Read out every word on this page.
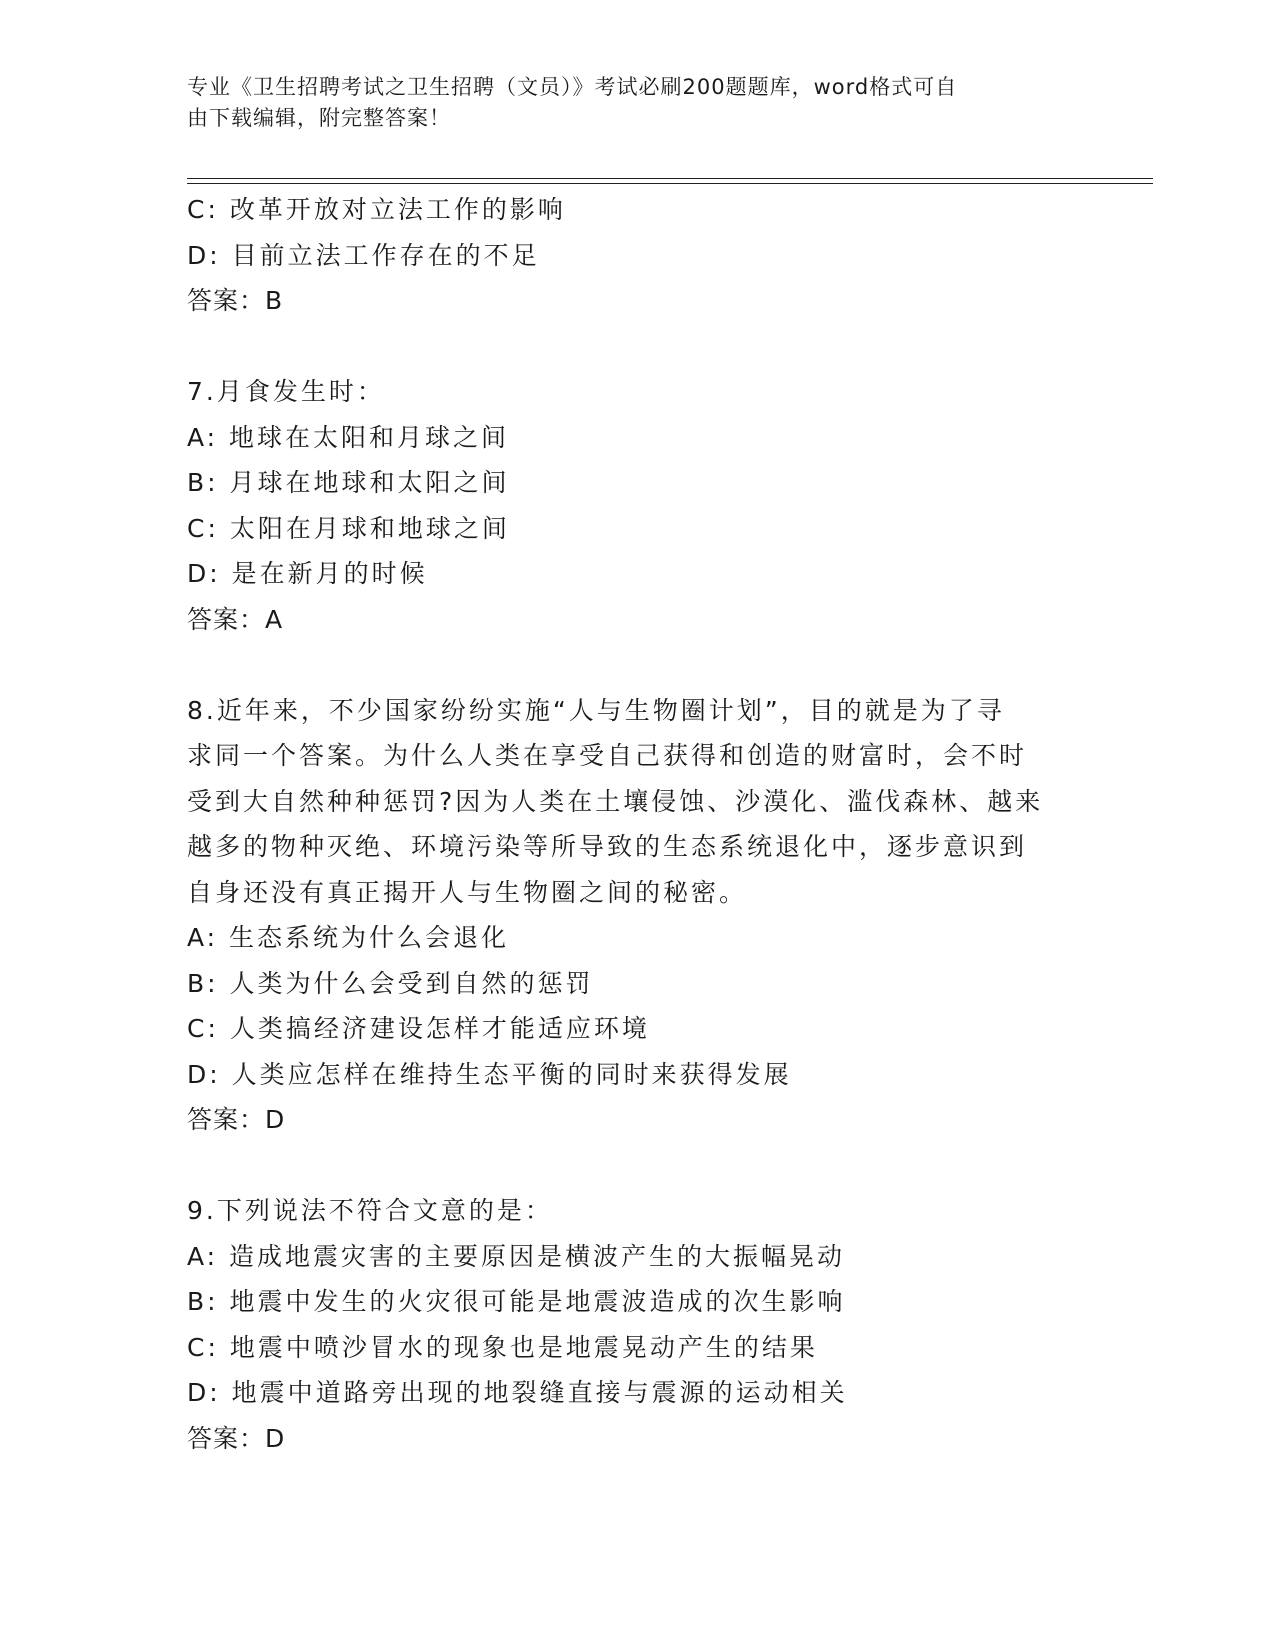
专业《卫生招聘考试之卫生招聘（文员）》考试必刷200题题库，word格式可自
由下载编辑，附完整答案！
C: 改革开放对立法工作的影响
D: 目前立法工作存在的不足
答案：B
7.月食发生时：
A: 地球在太阳和月球之间
B: 月球在地球和太阳之间
C: 太阳在月球和地球之间
D: 是在新月的时候
答案：A
8.近年来，不少国家纷纷实施“人与生物圈计划”，目的就是为了寻
求同一个答案。为什么人类在享受自己获得和创造的财富时，会不时
受到大自然种种惩罚?因为人类在土壤侵蚀、沙漠化、滥伐森林、越来
越多的物种灭绝、环境污染等所导致的生态系统退化中，逐步意识到
自身还没有真正揭开人与生物圈之间的秘密。
A: 生态系统为什么会退化
B: 人类为什么会受到自然的惩罚
C: 人类搞经济建设怎样才能适应环境
D: 人类应怎样在维持生态平衡的同时来获得发展
答案：D
9.下列说法不符合文意的是：
A: 造成地震灾害的主要原因是横波产生的大振幅晃动
B: 地震中发生的火灾很可能是地震波造成的次生影响
C: 地震中喷沙冒水的现象也是地震晃动产生的结果
D: 地震中道路旁出现的地裂缝直接与震源的运动相关
答案：D
